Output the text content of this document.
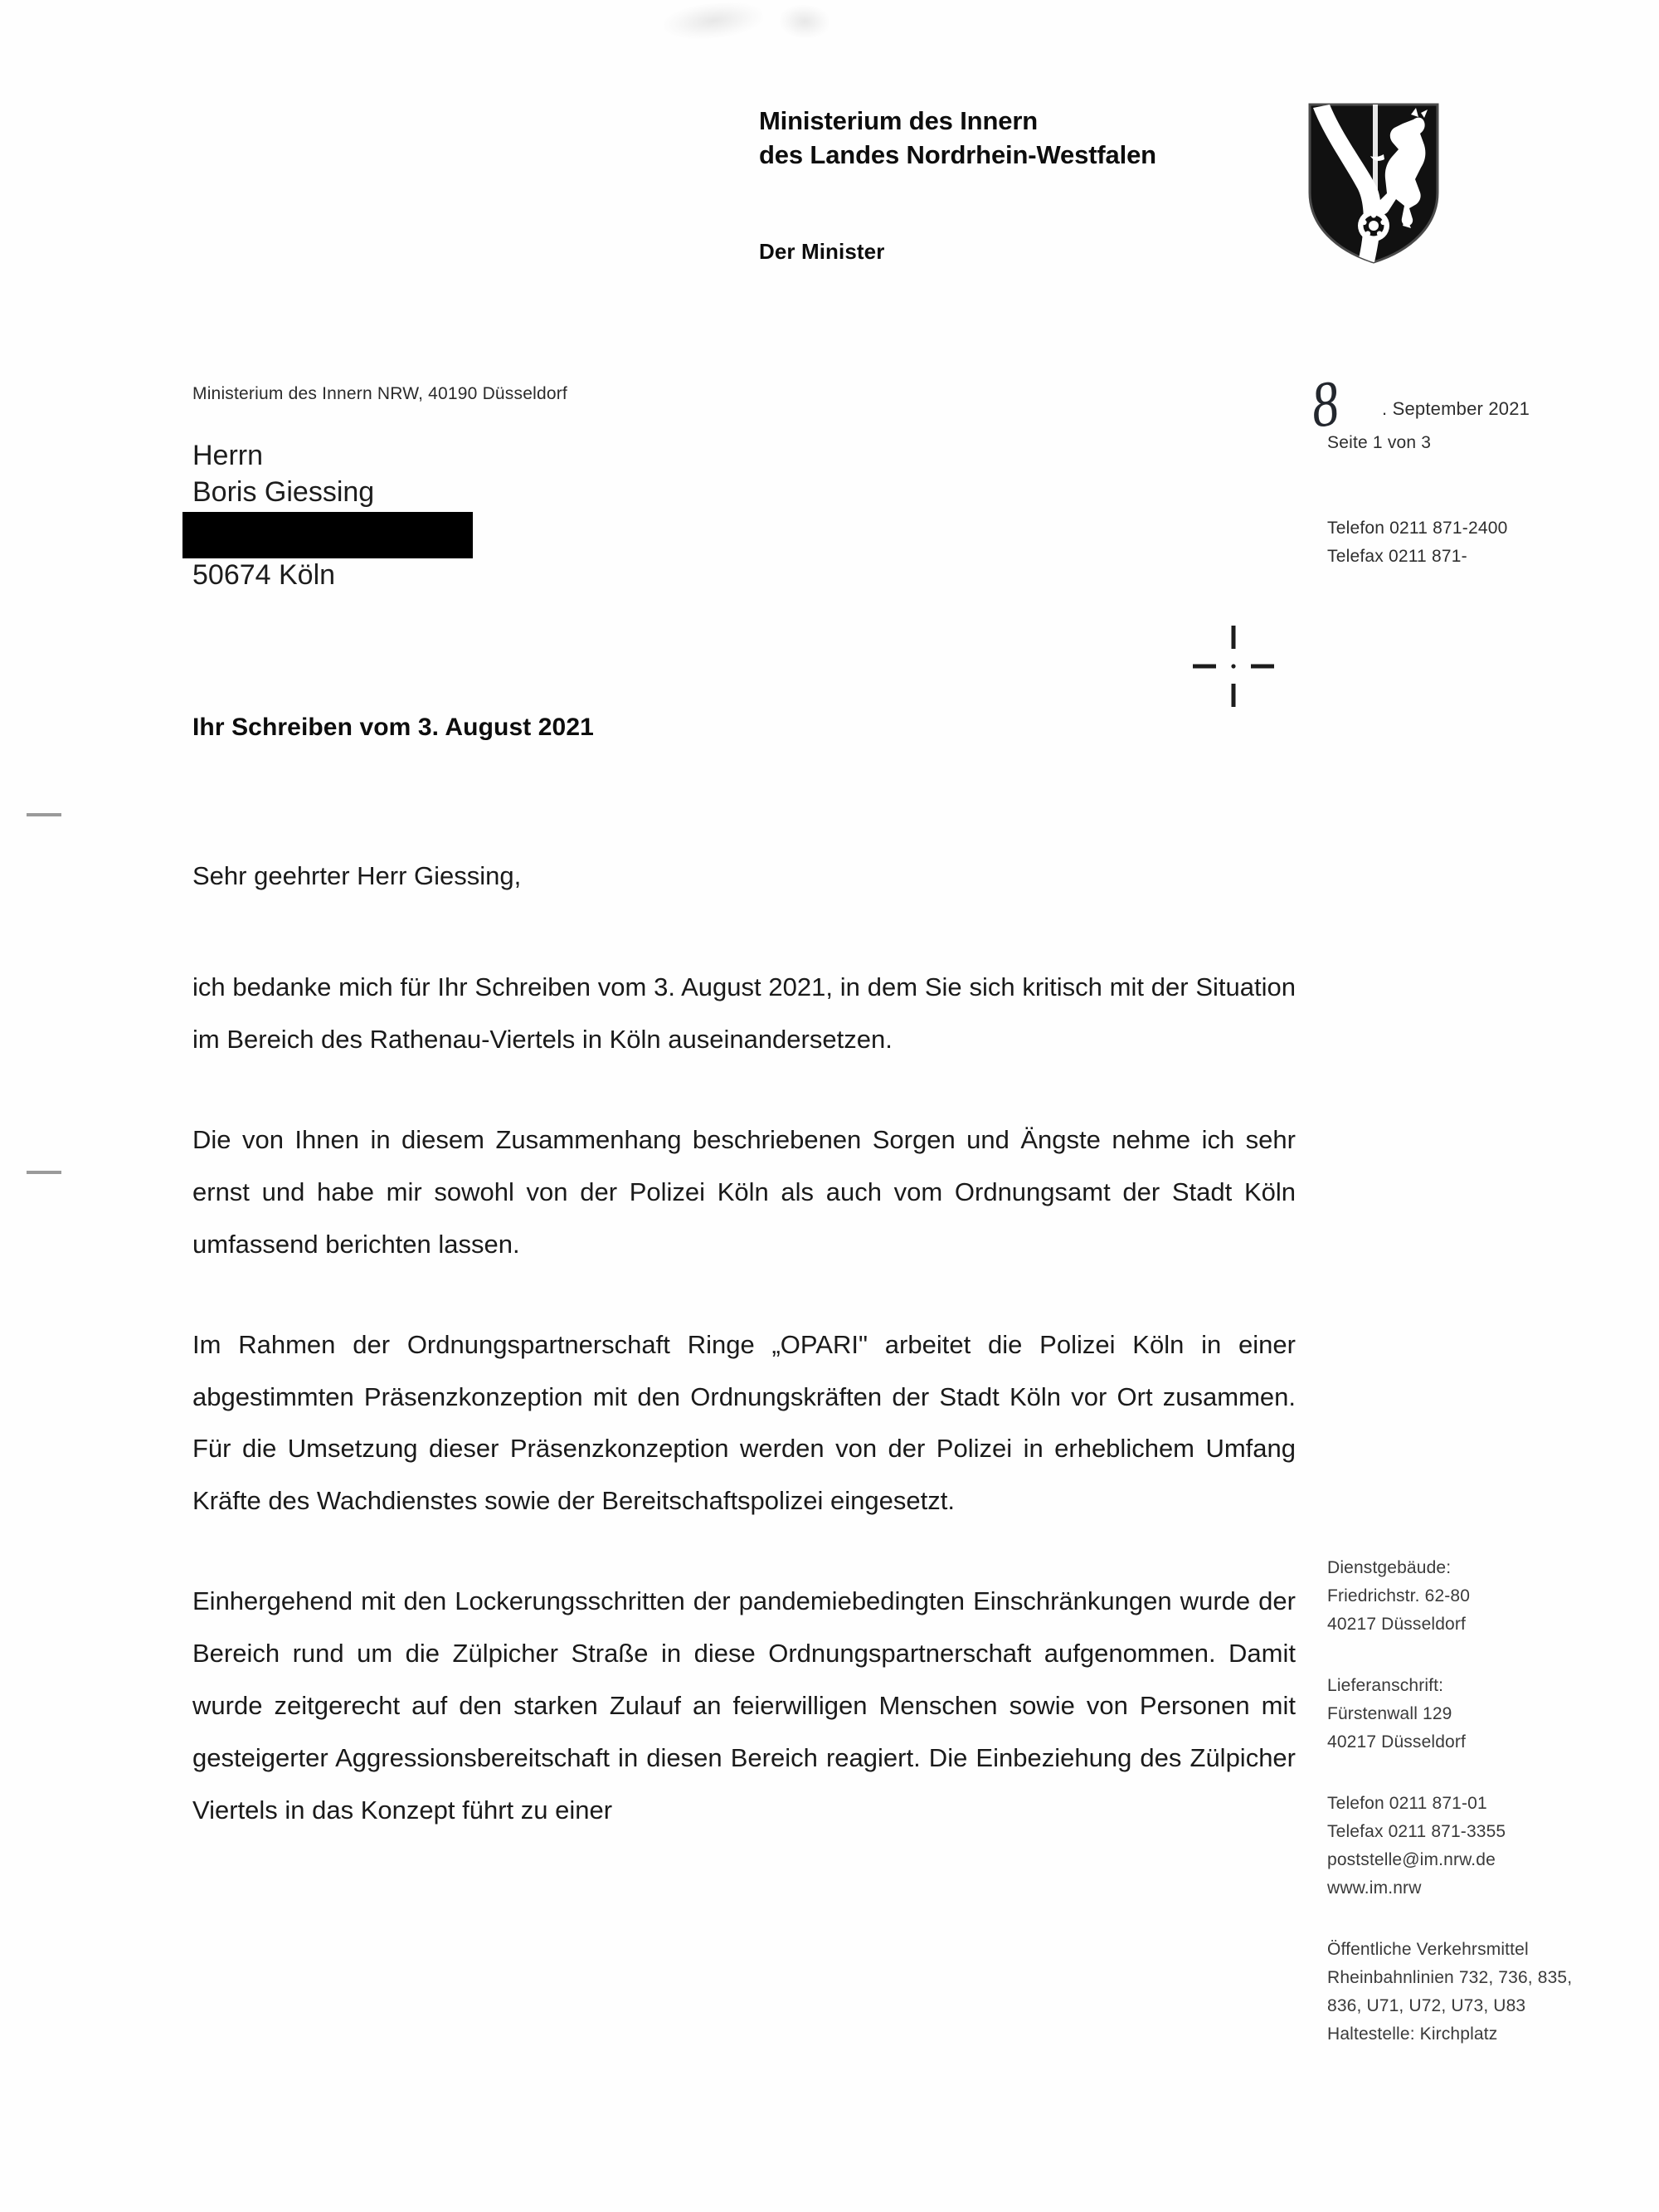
Ministerium des Innern
des Landes Nordrhein-Westfalen
Der Minister
Ministerium des Innern NRW, 40190 Düsseldorf
Herrn
Boris Giessing
50674 Köln
8 . September 2021
Seite 1 von 3
Telefon 0211 871-2400
Telefax 0211 871-
Ihr Schreiben vom 3. August 2021
Sehr geehrter Herr Giessing,

ich bedanke mich für Ihr Schreiben vom 3. August 2021, in dem Sie sich kritisch mit der Situation im Bereich des Rathenau-Viertels in Köln auseinandersetzen.

Die von Ihnen in diesem Zusammenhang beschriebenen Sorgen und Ängste nehme ich sehr ernst und habe mir sowohl von der Polizei Köln als auch vom Ordnungsamt der Stadt Köln umfassend berichten lassen.

Im Rahmen der Ordnungspartnerschaft Ringe „OPARI" arbeitet die Polizei Köln in einer abgestimmten Präsenzkonzeption mit den Ordnungskräften der Stadt Köln vor Ort zusammen. Für die Umsetzung dieser Präsenzkonzeption werden von der Polizei in erheblichem Umfang Kräfte des Wachdienstes sowie der Bereitschaftspolizei eingesetzt.

Einhergehend mit den Lockerungsschritten der pandemiebedingten Einschränkungen wurde der Bereich rund um die Zülpicher Straße in diese Ordnungspartnerschaft aufgenommen. Damit wurde zeitgerecht auf den starken Zulauf an feierwilligen Menschen sowie von Personen mit gesteigerter Aggressionsbereitschaft in diesen Bereich reagiert. Die Einbeziehung des Zülpicher Viertels in das Konzept führt zu einer

Dienstgebäude:
Friedrichstr. 62-80
40217 Düsseldorf
Lieferanschrift:
Fürstenwall 129
40217 Düsseldorf
Telefon 0211 871-01
Telefax 0211 871-3355
poststelle@im.nrw.de
www.im.nrw
Öffentliche Verkehrsmittel
Rheinbahnlinien 732, 736, 835,
836, U71, U72, U73, U83
Haltestelle: Kirchplatz
